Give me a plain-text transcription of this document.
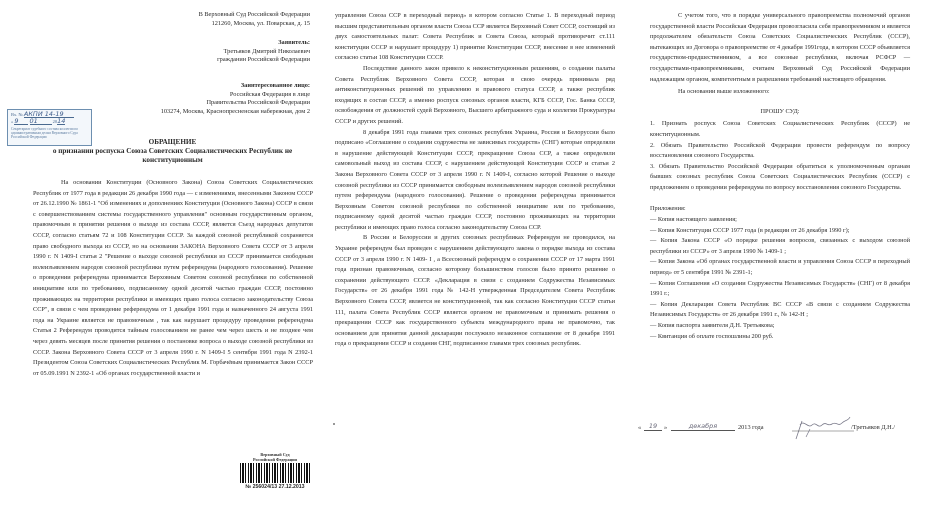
В Верховный Суд Российской Федерации
121260, Москва, ул. Поварская, д. 15
Заявитель:
Третьяков Дмитрий Николаевич
гражданин Российской Федерации
Заинтересованное лицо:
Российская Федерация в лице
Правительства Российской Федерации
103274, Москва, Краснопресненская набережная, дом 2
Вх. № АКПИ 14-19
« 9 01	2014
Секретариат судебного состава коллегии по административным делам Верховного Суда Российской Федерации
ОБРАЩЕНИЕ
о признании роспуска Союза Советских Социалистических Республик не конституционным
На основании Конституции (Основного Закона) Союза Советских Социалистических Республик от 1977 года в редакции 26 декабря 1990 года — с изменениями, внесенными Законом СССР от 26.12.1990 № 1861-1 "Об изменениях и дополнениях Конституции (Основного Закона) СССР в связи с совершенствованием системы государственного управления" основным государственным органом, правомочным в принятии решения о выходе из состава СССР, является Съезд народных депутатов СССР, согласно статьям 72 и 108 Конституции СССР. За каждой союзной республикой сохраняется право свободного выхода из СССР, но на основании ЗАКОНА Верховного Совета СССР от 3 апреля 1990 г. N 1409-I статья 2 "Решение о выходе союзной республики из СССР принимается свободным волеизъявлением народов союзной республики путем референдума (народного голосования). Решение о проведении референдума принимается Верховным Советом союзной республики по собственной инициативе или по требованию, подписанному одной десятой частью граждан СССР, постоянно проживающих на территории республики и имеющих право голоса согласно законодательству Союза ССР", в связи с чем проведение референдума от 1 декабря 1991 года и назначенного 24 августа 1991 года на Украине является не правомочным , так как нарушает процедуру проведения референдума Статья 2 Референдум проводится тайным голосованием не ранее чем через шесть и не позднее чем через девять месяцев после принятия решения о постановке вопроса о выходе союзной республики из СССР. Закона Верховного Совета СССР от 3 апреля 1990 г. N 1409-I 5 сентября 1991 года N 2392-1 Президентом Союза Советских Социалистических Республик М. Горбачёвым принимается Закон СССР от 05.09.1991 N 2392-1 «Об органах государственной власти и
Верховный Суд
Российской Федерации
№ 256024/13 27.12.2013

управления Союза ССР в переходный период» в котором согласно Статье 1. В переходный период высшим представительным органом власти Союза ССР является Верховный Совет СССР, состоящий из двух самостоятельных палат: Совета Республик и Совета Союза, который противоречит ст.111 конституции СССР и нарушает процедуру 1) принятие Конституции СССР, внесение в нее изменений согласно статьи 108 Конституции СССР.

Последствие данного закон привело к неконституционным решениям, о создании палаты Совета Республик Верховного Совета СССР, которая в свою очередь принимала ряд антиконституционных решений по управлению и правового статуса СССР, а также республик входящих в состав СССР, а именно роспуск союзных органов власти, КГБ СССР, Гос. Банка СССР, освобождения от должностей судей Верховного, Высшего арбитражного суда и коллегии Прокуратуры СССР и других решений.

8 декабря 1991 года главами трех союзных республик Украина, Россия и Белоруссии было подписано «Соглашение о создании содружества не зависимых государств» (СНГ) которые определяли в нарушение действующей Конституции СССР, прекращение Союза ССР, а также определили самовольный выход из состава СССР, с нарушением действующей Конституции СССР и статьи 2 Закона Верховного Совета СССР от 3 апреля 1990 г. N 1409-I, согласно которой Решение о выходе союзной республики из СССР принимается свободным волеизъявлением народов союзной республики путем референдума (народного голосования). Решение о проведении референдума принимается Верховным Советом союзной республики по собственной инициативе или по требованию, подписанному одной десятой частью граждан СССР, постоянно проживающих на территории республики и имеющих право голоса согласно законодательству Союза ССР.

В России и Белоруссии и других союзных республиках Референдум не проводился, на Украине референдум был проведен с нарушением действующего закона о порядке выхода из состава СССР от 3 апреля 1990 г. N 1409- I , а Всесоюзный референдум о сохранении СССР от 17 марта 1991 года признан правомочным, согласно которому большинством голосов было принято решение о сохранении действующего СССР. «Декларация в связи с созданием Содружества Независимых Государств» от 26 декабря 1991 года № 142-Н утвержденная Председателем Совета Республик Верховного Совета СССР, является не конституционной, так как согласно Конституции СССР статьи 111, палата Совета Республик СССР является органом не правомочным и принимать решения о прекращении СССР как государственного субъекта международного права не правомочно, так основанием для принятия данной декларации послужило незаконное соглашение от 8 декабря 1991 года о прекращении СССР и создания СНГ, подписанное главами трех союзных республик.

С учетом того, что в порядке универсального правопреемства полномочий органов государственной власти Российская Федерация провозгласила себя правопреемником и является продолжателем обязательств Союза Советских Социалистических Республик (СССР), вытекающих из Договора о правопреемстве от 4 декабря 1991года, в котором СССР объявляется государством-предшественником, а все союзные республики, включая РСФСР — государствами-правопреемниками, считаем Верховный Суд Российской Федерации надлежащим органом, компетентным в разрешении требований настоящего обращения.

На основании выше изложенного:

ПРОШУ СУД:

1. Признать роспуск Союза Советских Социалистических Республик (СССР) не конституционным.

2. Обязать Правительство Российской Федерации провести референдум по вопросу восстановления союзного Государства.

3. Обязать Правительство Российской Федерации обратиться к уполномоченным органам бывших союзных республик Союза Советских Социалистических Республик (СССР) с предложением о проведении референдума по вопросу восстановления союзного Государства.

Приложения:

— Копия настоящего заявления;

— Копия Конституции СССР 1977 года (в редакции от 26 декабря 1990 г);

— Копия Закона СССР «О порядке решения вопросов, связанных с выходом союзной республики из СССР» от 3 апреля 1990 № 1409-1 ;

— Копия Закона «Об органах государственной власти и управления Союза СССР в переходный период» от 5 сентября 1991 № 2391-1;

— Копия Соглашения «О создании Содружества Независимых Государств» (СНГ) от 8 декабря 1991 г.;

— Копия Декларации Совета Республик ВС СССР «В связи с созданием Содружества Независимых Государств» от 26 декабря 1991 г., № 142-Н ;

— Копия паспорта заявителя Д.Н. Третьякова;

— Квитанция об оплате госпошлины 200 руб.

«	19	»	декабря	2013 года	/Третьяков Д.Н./
